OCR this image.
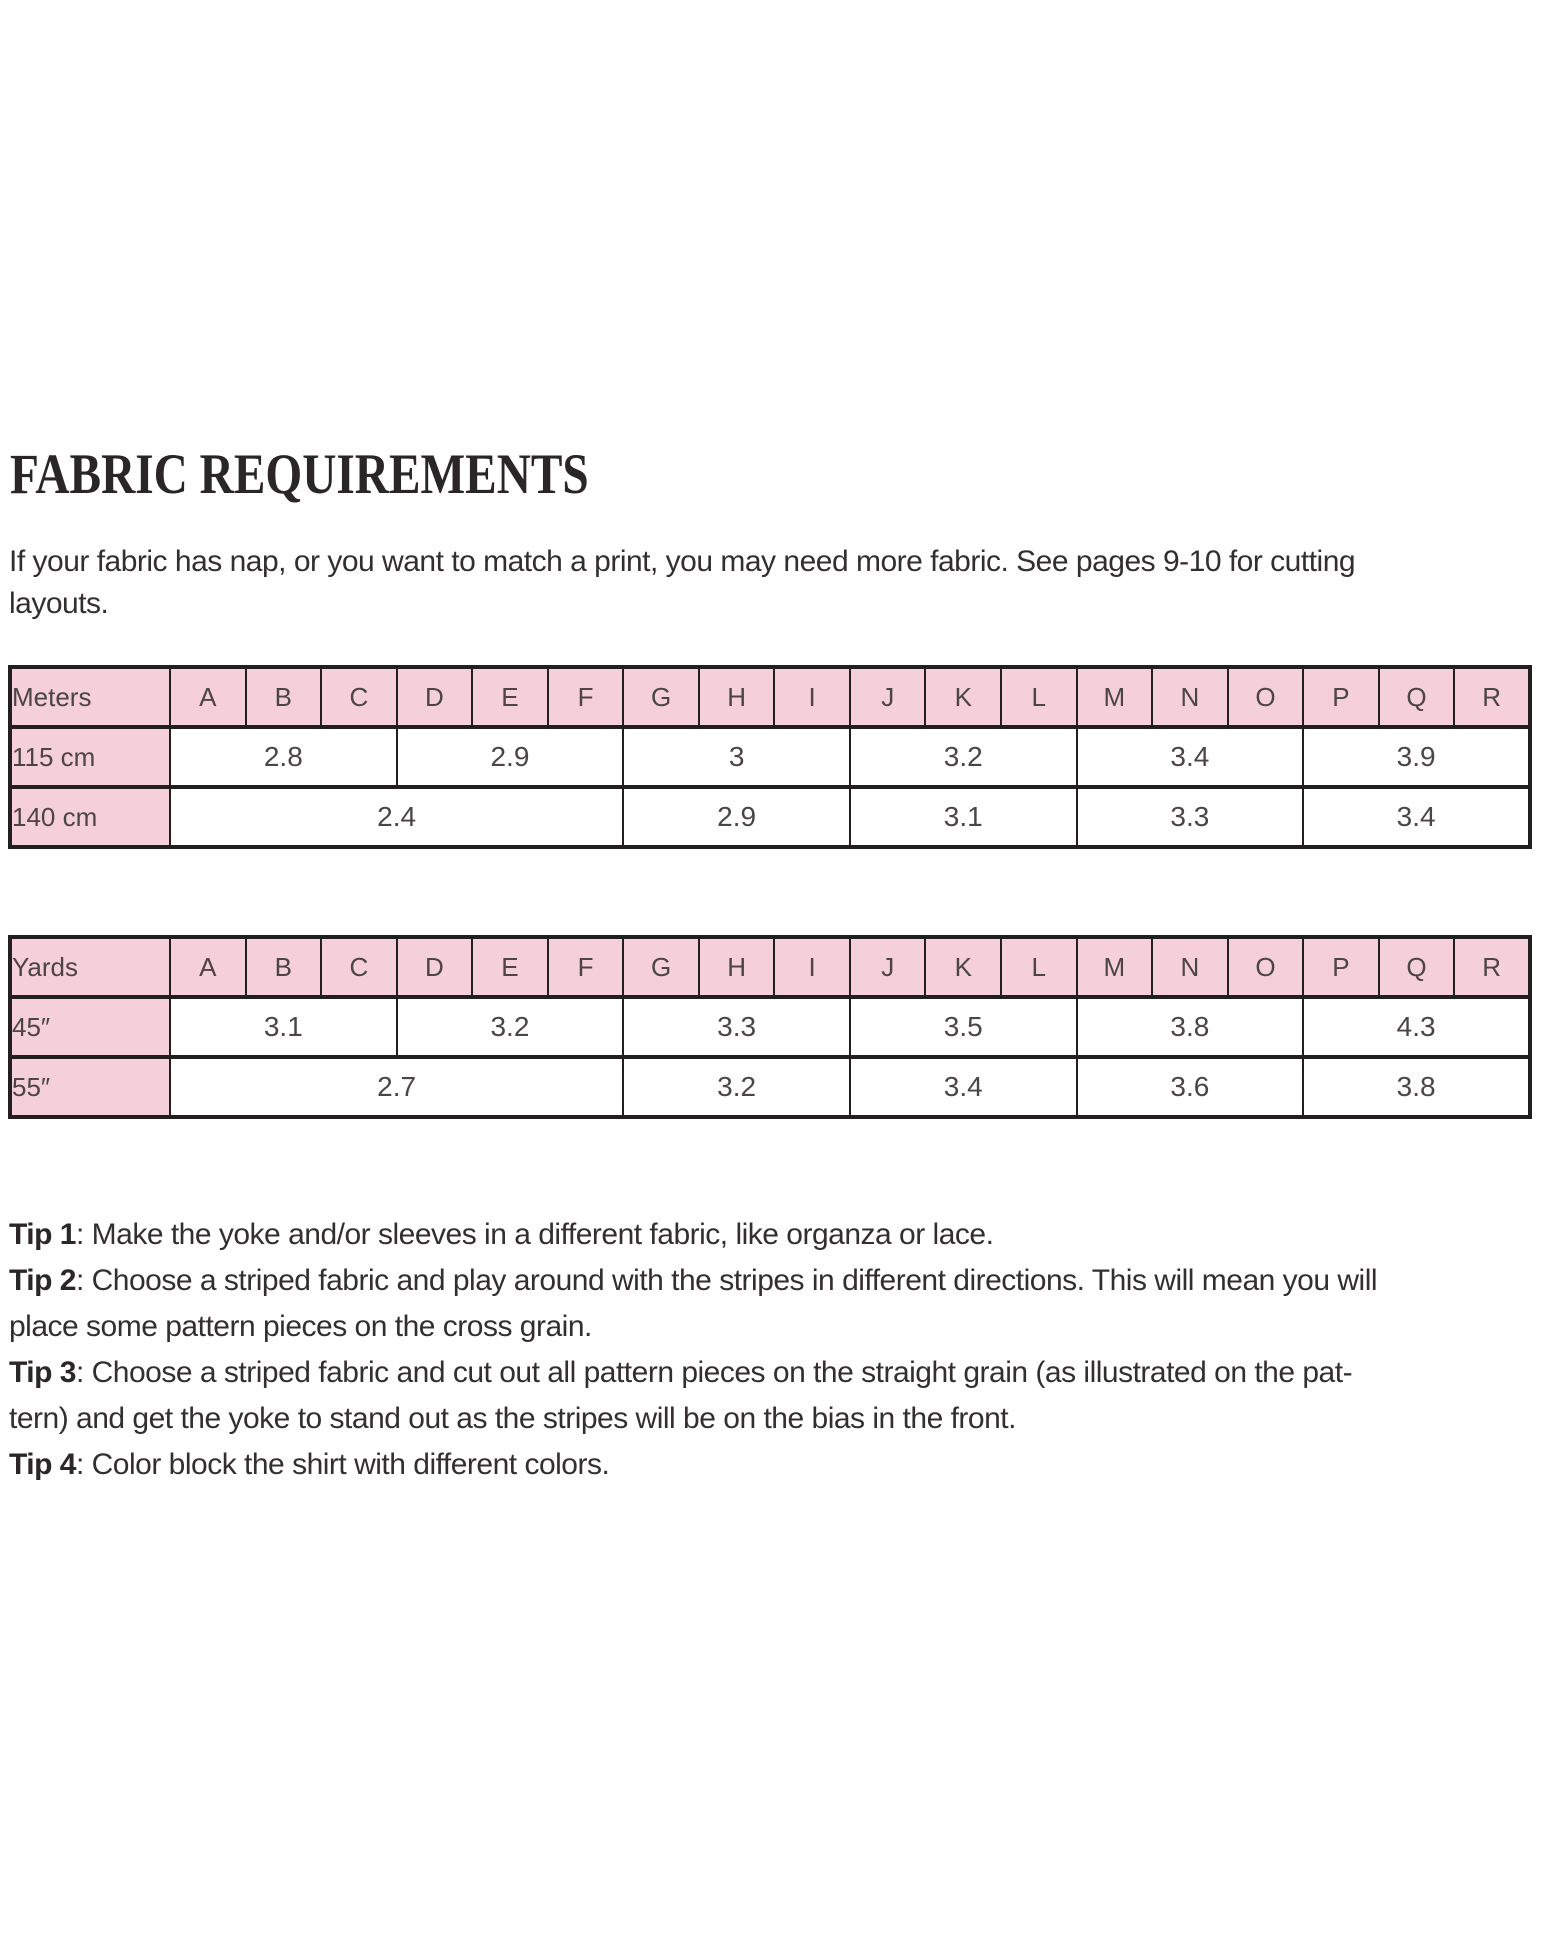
FABRIC REQUIREMENTS
If your fabric has nap, or you want to match a print, you may need more fabric. See pages 9-10 for cutting
layouts.
Meters	A	B	C	D	E	F	G	H	I	J	K	L	M	N	O	P	Q	R
115 cm	2.8			2.9			3			3.2			3.4			3.9		
140 cm	2.4						2.9			3.1			3.3			3.4		
Yards	A	B	C	D	E	F	G	H	I	J	K	L	M	N	O	P	Q	R
45″	3.1			3.2			3.3			3.5			3.8			4.3		
55″	2.7						3.2			3.4			3.6			3.8		
Tip 1: Make the yoke and/or sleeves in a different fabric, like organza or lace.
Tip 2: Choose a striped fabric and play around with the stripes in different directions. This will mean you will
place some pattern pieces on the cross grain.
Tip 3: Choose a striped fabric and cut out all pattern pieces on the straight grain (as illustrated on the pat-
tern) and get the yoke to stand out as the stripes will be on the bias in the front.
Tip 4: Color block the shirt with different colors.
